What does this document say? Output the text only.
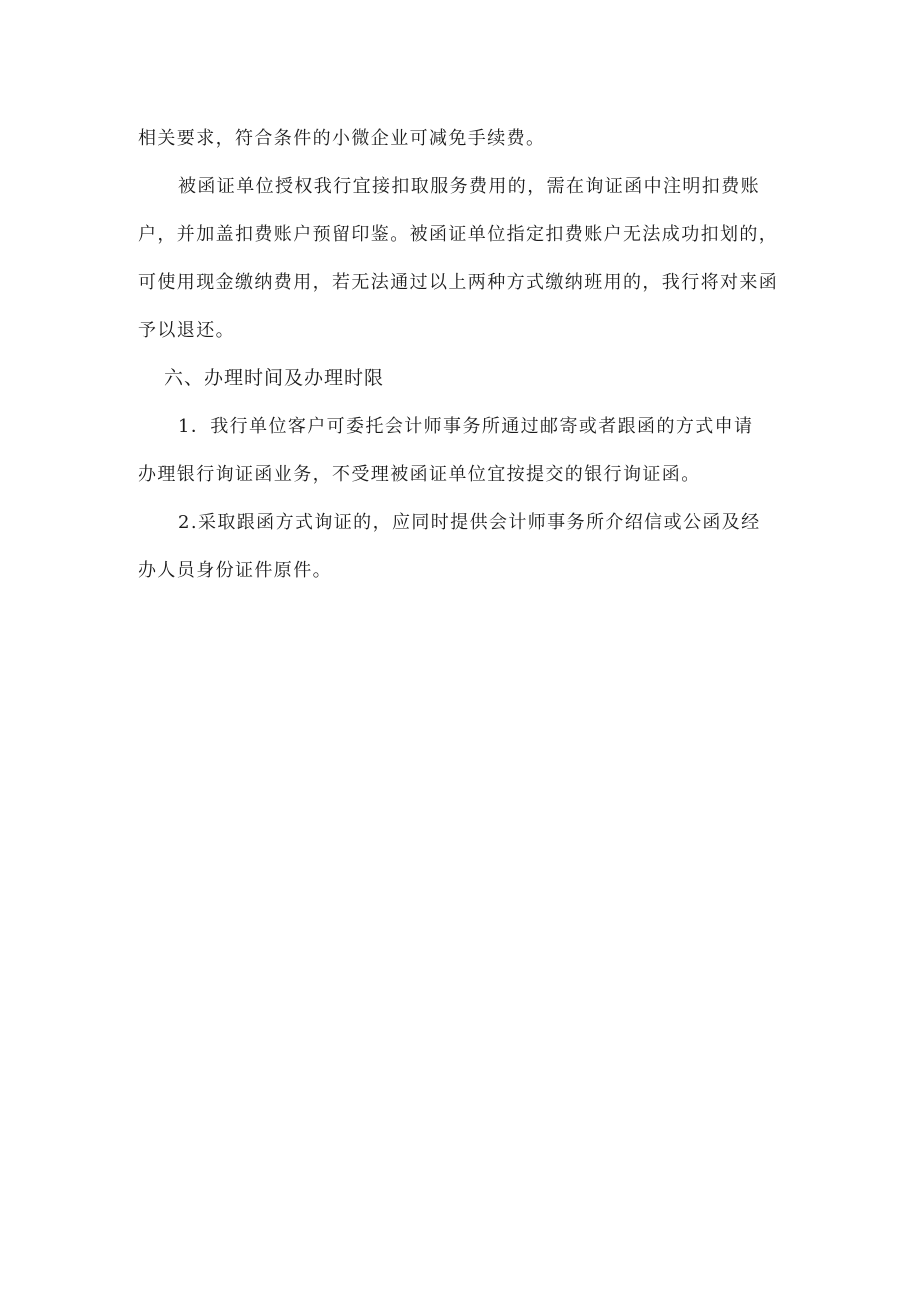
相关要求，符合条件的小微企业可减免手续费。
被函证单位授权我行宜接扣取服务费用的，需在询证函中注明扣费账
户，并加盖扣费账户预留印鉴。被函证单位指定扣费账户无法成功扣划的，
可使用现金缴纳费用，若无法通过以上两种方式缴纳班用的，我行将对来函
予以退还。
六、办理时间及办理时限
1．我行单位客户可委托会计师事务所通过邮寄或者跟函的方式申请
办理银行询证函业务，不受理被函证单位宜按提交的银行询证函。
2.采取跟函方式询证的，应同时提供会计师事务所介绍信或公函及经
办人员身份证件原件。
